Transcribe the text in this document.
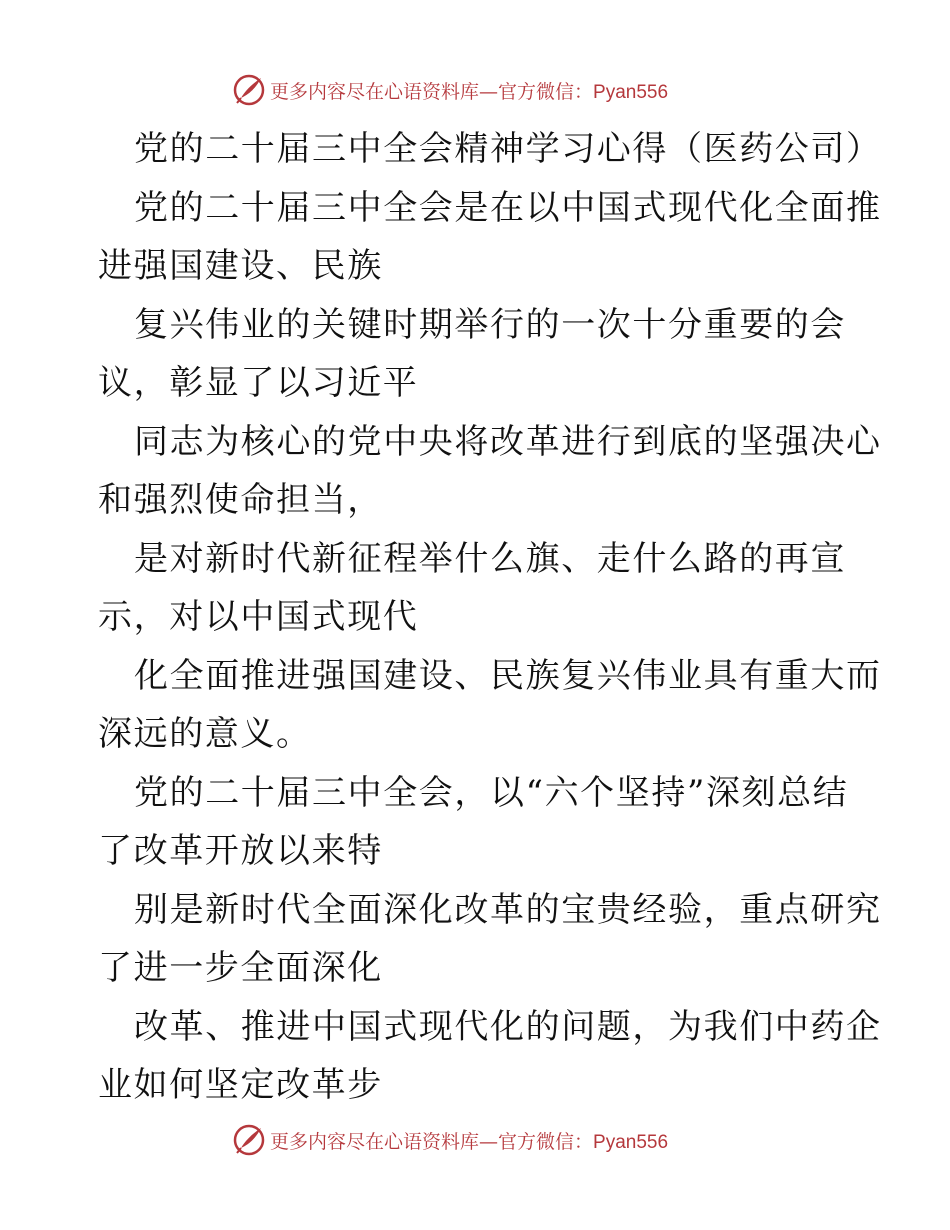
更多内容尽在心语资料库—官方微信：Pyan556
党的二十届三中全会精神学习心得（医药公司）
党的二十届三中全会是在以中国式现代化全面推
进强国建设、民族
复兴伟业的关键时期举行的一次十分重要的会
议，彰显了以习近平
同志为核心的党中央将改革进行到底的坚强决心
和强烈使命担当，
是对新时代新征程举什么旗、走什么路的再宣
示，对以中国式现代
化全面推进强国建设、民族复兴伟业具有重大而
深远的意义。
党的二十届三中全会，以“六个坚持”深刻总结
了改革开放以来特
别是新时代全面深化改革的宝贵经验，重点研究
了进一步全面深化
改革、推进中国式现代化的问题，为我们中药企
业如何坚定改革步
更多内容尽在心语资料库—官方微信：Pyan556
